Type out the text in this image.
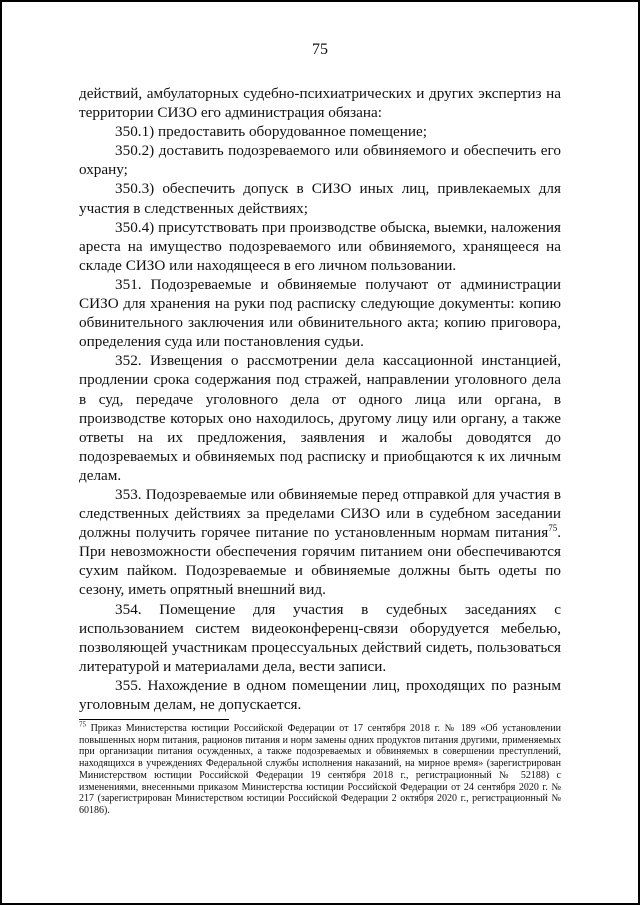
75

действий, амбулаторных судебно-психиатрических и других экспертиз на территории СИЗО его администрация обязана:

350.1) предоставить оборудованное помещение;

350.2) доставить подозреваемого или обвиняемого и обеспечить его охрану;

350.3) обеспечить допуск в СИЗО иных лиц, привлекаемых для участия в следственных действиях;

350.4) присутствовать при производстве обыска, выемки, наложения ареста на имущество подозреваемого или обвиняемого, хранящееся на складе СИЗО или находящееся в его личном пользовании.

351. Подозреваемые и обвиняемые получают от администрации СИЗО для хранения на руки под расписку следующие документы: копию обвинительного заключения или обвинительного акта; копию приговора, определения суда или постановления судьи.

352. Извещения о рассмотрении дела кассационной инстанцией, продлении срока содержания под стражей, направлении уголовного дела в суд, передаче уголовного дела от одного лица или органа, в производстве которых оно находилось, другому лицу или органу, а также ответы на их предложения, заявления и жалобы доводятся до подозреваемых и обвиняемых под расписку и приобщаются к их личным делам.

353. Подозреваемые или обвиняемые перед отправкой для участия в следственных действиях за пределами СИЗО или в судебном заседании должны получить горячее питание по установленным нормам питания$^{75}$. При невозможности обеспечения горячим питанием они обеспечиваются сухим пайком. Подозреваемые и обвиняемые должны быть одеты по сезону, иметь опрятный внешний вид.

354. Помещение для участия в судебных заседаниях с использованием систем видеоконференц-связи оборудуется мебелью, позволяющей участникам процессуальных действий сидеть, пользоваться литературой и материалами дела, вести записи.

355. Нахождение в одном помещении лиц, проходящих по разным уголовным делам, не допускается.

$^{75}$ Приказ Министерства юстиции Российской Федерации от 17 сентября 2018 г. № 189 «Об установлении повышенных норм питания, рационов питания и норм замены одних продуктов питания другими, применяемых при организации питания осужденных, а также подозреваемых и обвиняемых в совершении преступлений, находящихся в учреждениях Федеральной службы исполнения наказаний, на мирное время» (зарегистрирован Министерством юстиции Российской Федерации 19 сентября 2018 г., регистрационный № 52188) с изменениями, внесенными приказом Министерства юстиции Российской Федерации от 24 сентября 2020 г. № 217 (зарегистрирован Министерством юстиции Российской Федерации 2 октября 2020 г., регистрационный № 60186).
